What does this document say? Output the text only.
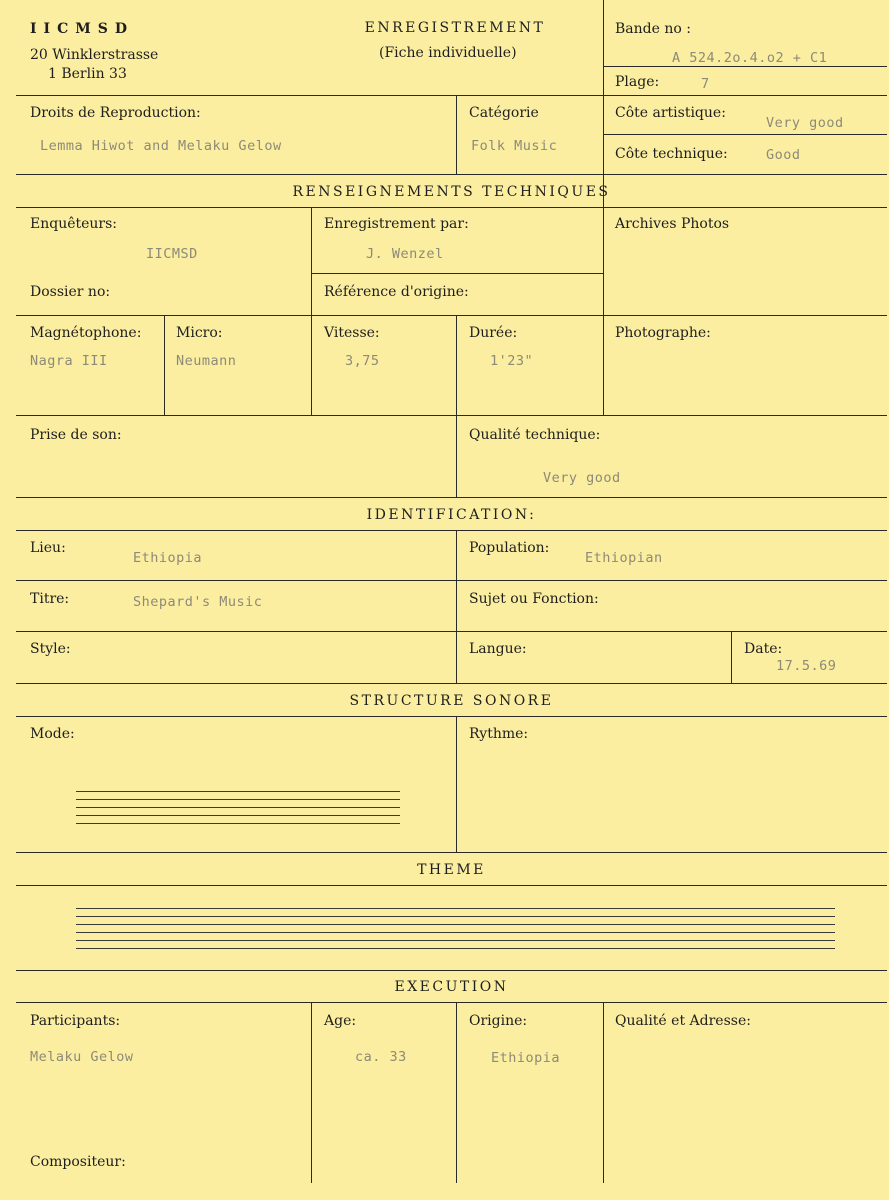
IICMSD
20 Winklerstrasse
1 Berlin 33
ENREGISTREMENT
(Fiche individuelle)
Bande no :
A 524.2o.4.o2 + C1
Plage:	7
Droits de Reproduction:
Lemma Hiwot and Melaku Gelow
Catégorie
Folk Music
Côte artistique:
Very good
Côte technique:	Good
RENSEIGNEMENTS TECHNIQUES
Enquêteurs:
IICMSD
Enregistrement par:
J. Wenzel
Archives Photos
Dossier no:	Référence d'origine:
Magnétophone:
Nagra III
Micro:
Neumann
Vitesse:
3,75
Durée:
1'23"
Photographe:
Prise de son:	Qualité technique:
Very good
IDENTIFICATION:
Lieu:
Ethiopia
Population:
Ethiopian
Titre:	Shepard's Music	Sujet ou Fonction:
Style:	Langue:	Date:
17.5.69
STRUCTURE SONORE
Mode:	Rythme:
THEME
EXECUTION
Participants:
Melaku Gelow
Age:
ca. 33
Origine:
Ethiopia
Qualité et Adresse:
Compositeur:
